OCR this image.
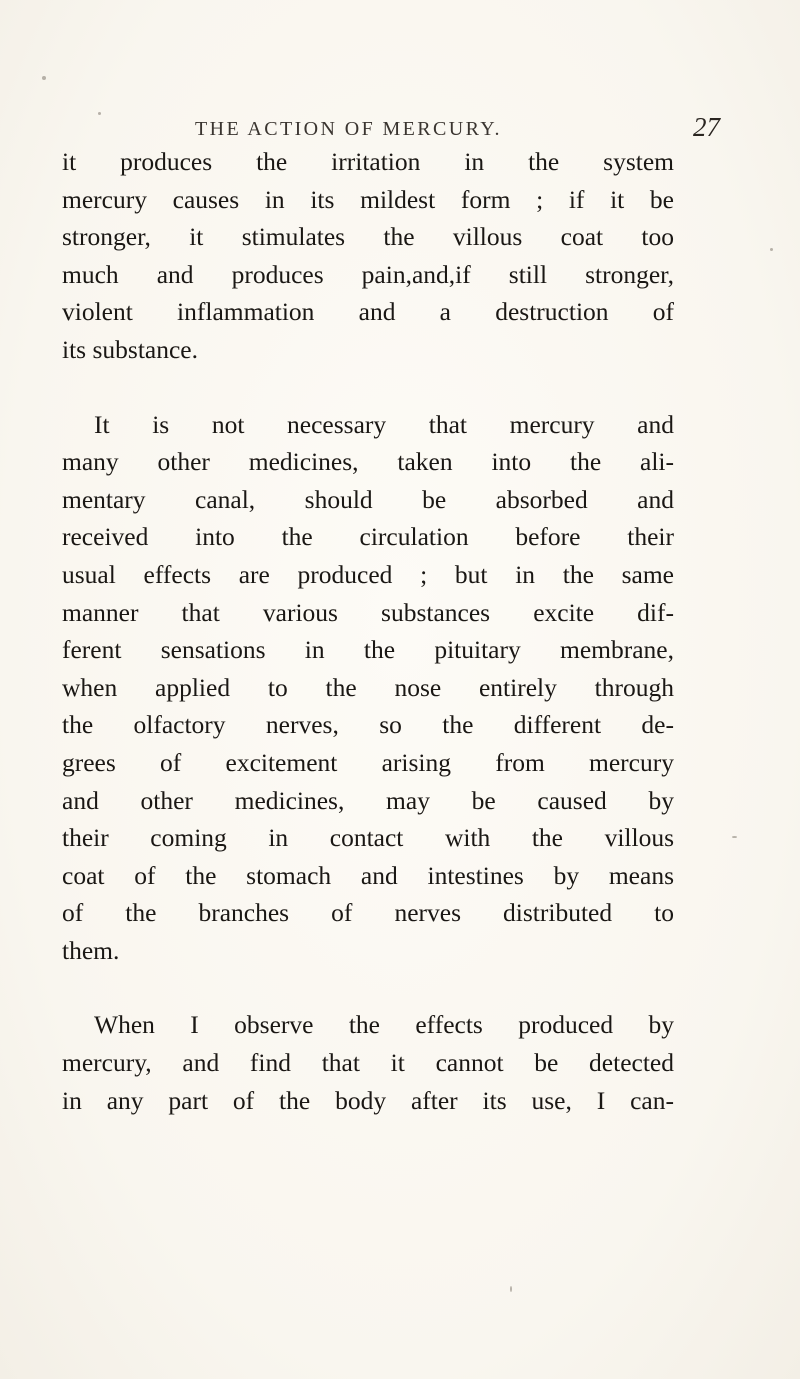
THE ACTION OF MERCURY.	27
it produces the irritation in the system
mercury causes in its mildest form ; if it be
stronger, it stimulates the villous coat too
much and produces pain,and,if still stronger,
violent inflammation and a destruction of
its substance.
It is not necessary that mercury and
many other medicines, taken into the ali-
mentary canal, should be absorbed and
received into the circulation before their
usual effects are produced ; but in the same
manner that various substances excite dif-
ferent sensations in the pituitary membrane,
when applied to the nose entirely through
the olfactory nerves, so the different de-
grees of excitement arising from mercury
and other medicines, may be caused by
their coming in contact with the villous
coat of the stomach and intestines by means
of the branches of nerves distributed to
them.
When I observe the effects produced by
mercury, and find that it cannot be detected
in any part of the body after its use, I can-
